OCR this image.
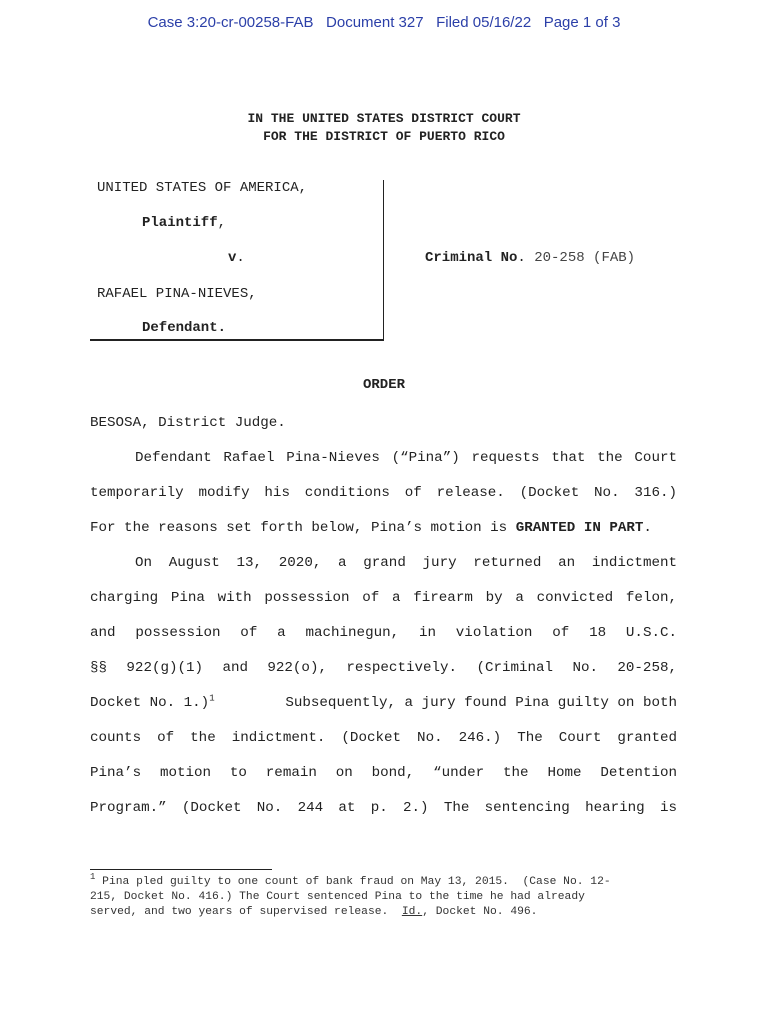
Case 3:20-cr-00258-FAB Document 327 Filed 05/16/22 Page 1 of 3
IN THE UNITED STATES DISTRICT COURT
FOR THE DISTRICT OF PUERTO RICO
UNITED STATES OF AMERICA,
Plaintiff,
v.
RAFAEL PINA-NIEVES,
Defendant.
Criminal No. 20-258 (FAB)
ORDER
BESOSA, District Judge.
Defendant Rafael Pina-Nieves (“Pina”) requests that the Court
temporarily modify his conditions of release. (Docket No. 316.)
For the reasons set forth below, Pina’s motion is GRANTED IN PART.
On August 13, 2020, a grand jury returned an indictment
charging Pina with possession of a firearm by a convicted felon,
and possession of a machinegun, in violation of 18 U.S.C.
§§ 922(g)(1) and 922(o), respectively. (Criminal No. 20-258,
Docket No. 1.)$^1$	Subsequently, a jury found Pina guilty on both
counts of the indictment. (Docket No. 246.) The Court granted
Pina’s motion to remain on bond, “under the Home Detention
Program.” (Docket No. 244 at p. 2.) The sentencing hearing is
$^1$ Pina pled guilty to one count of bank fraud on May 13, 2015.  (Case No. 12-
215, Docket No. 416.) The Court sentenced Pina to the time he had already
served, and two years of supervised release.  Id., Docket No. 496.
